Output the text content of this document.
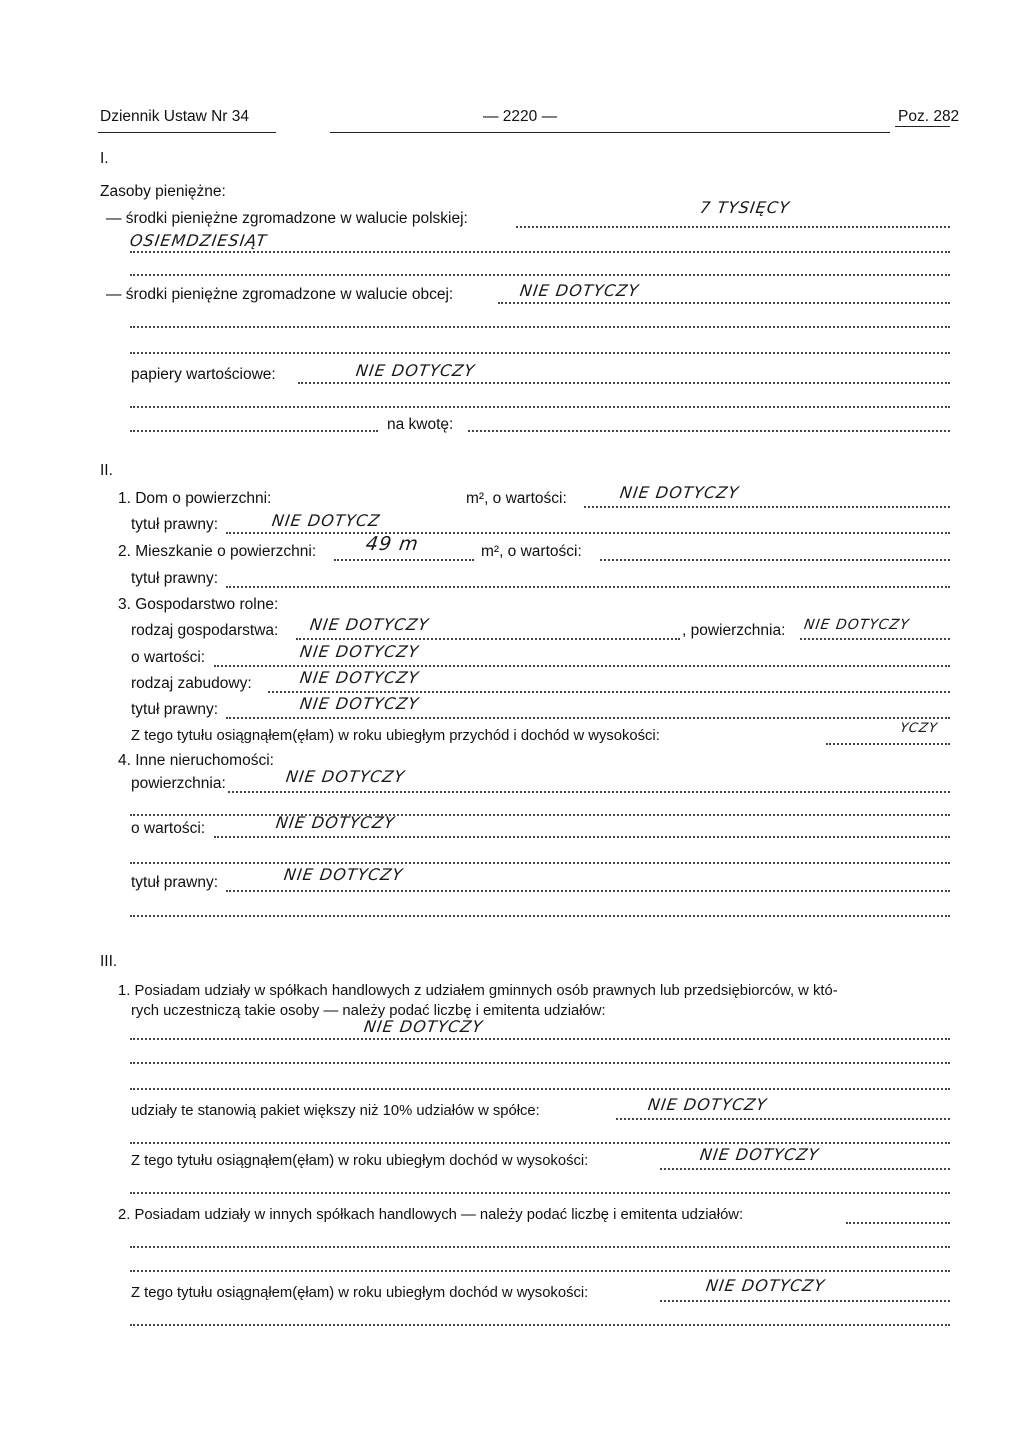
Dziennik Ustaw Nr 34	— 2220 —	Poz. 282
I.
Zasoby pieniężne:
— środki pieniężne zgromadzone w walucie polskiej:
7 TYSIĘCY
OSIEMDZIESIĄT
— środki pieniężne zgromadzone w walucie obcej:	NIE DOTYCZY
papiery wartościowe:	NIE DOTYCZY
na kwotę:
II.
1. Dom o powierzchni:	m², o wartości:	NIE DOTYCZY
tytuł prawny:	NIE DOTYCZ
2. Mieszkanie o powierzchni:	49 m	m², o wartości:
tytuł prawny:
3. Gospodarstwo rolne:
rodzaj gospodarstwa: NIE DOTYCZY	, powierzchnia: NIE DOTYCZY
o wartości:	NIE DOTYCZY
rodzaj zabudowy:	NIE DOTYCZY
tytuł prawny:	NIE DOTYCZY
Z tego tytułu osiągnąłem(ęłam) w roku ubiegłym przychód i dochód w wysokości:	YCZY
4. Inne nieruchomości:
powierzchnia:	NIE DOTYCZY
o wartości:	NIE DOTYCZY
tytuł prawny:	NIE DOTYCZY
III.
1. Posiadam udziały w spółkach handlowych z udziałem gminnych osób prawnych lub przedsiębiorców, w któ-
rych uczestniczą takie osoby — należy podać liczbę i emitenta udziałów:
NIE DOTYCZY
udziały te stanowią pakiet większy niż 10% udziałów w spółce:	NIE DOTYCZY
Z tego tytułu osiągnąłem(ęłam) w roku ubiegłym dochód w wysokości:	NIE DOTYCZY
2. Posiadam udziały w innych spółkach handlowych — należy podać liczbę i emitenta udziałów:
Z tego tytułu osiągnąłem(ęłam) w roku ubiegłym dochód w wysokości:	NIE DOTYCZY
